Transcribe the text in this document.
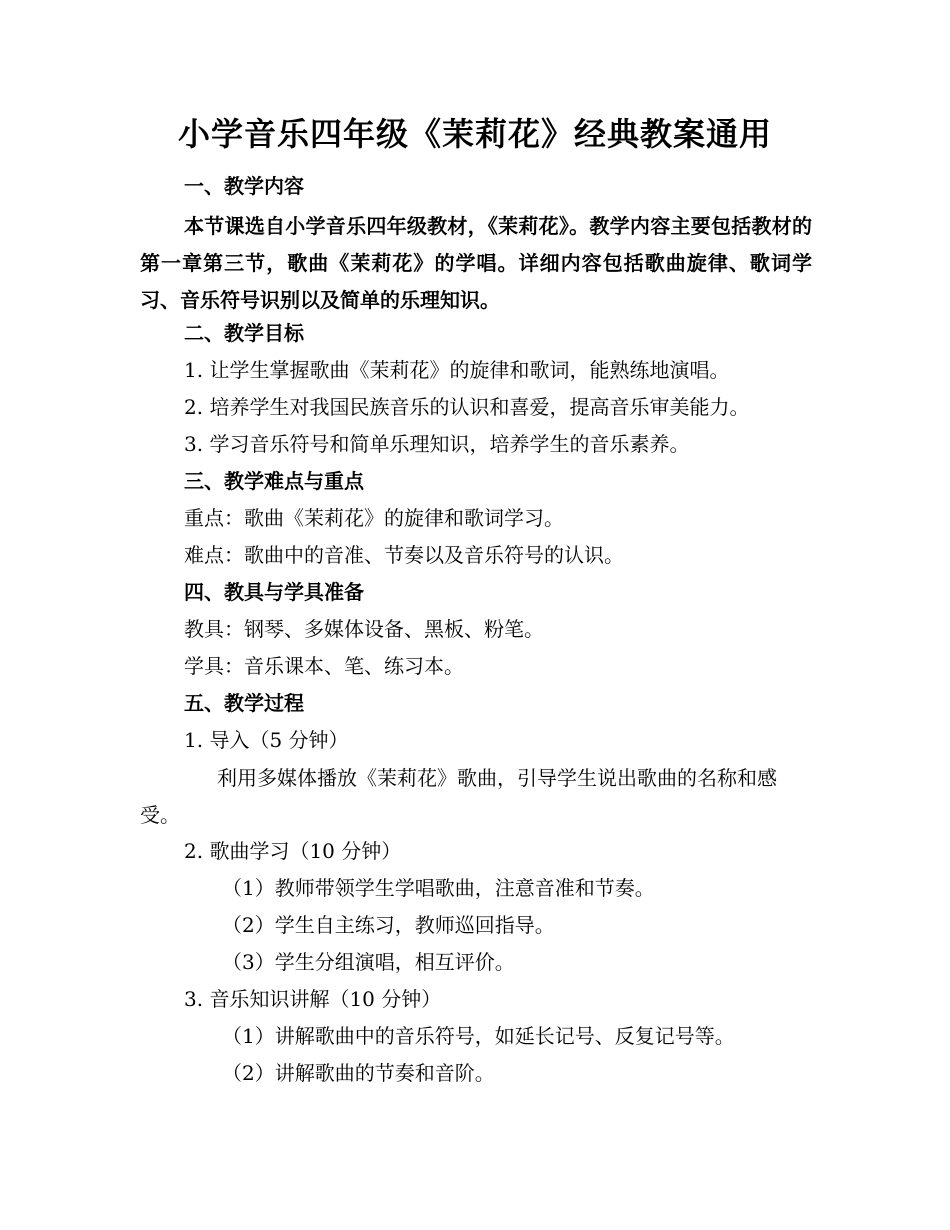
小学音乐四年级《茉莉花》经典教案通用
一、教学内容
本节课选自小学音乐四年级教材，《茉莉花》。教学内容主要包括教材的第一章第三节，歌曲《茉莉花》的学唱。详细内容包括歌曲旋律、歌词学习、音乐符号识别以及简单的乐理知识。
二、教学目标
1. 让学生掌握歌曲《茉莉花》的旋律和歌词，能熟练地演唱。
2. 培养学生对我国民族音乐的认识和喜爱，提高音乐审美能力。
3. 学习音乐符号和简单乐理知识，培养学生的音乐素养。
三、教学难点与重点
重点：歌曲《茉莉花》的旋律和歌词学习。
难点：歌曲中的音准、节奏以及音乐符号的认识。
四、教具与学具准备
教具：钢琴、多媒体设备、黑板、粉笔。
学具：音乐课本、笔、练习本。
五、教学过程
1. 导入（5 分钟）
利用多媒体播放《茉莉花》歌曲，引导学生说出歌曲的名称和感受。
2. 歌曲学习（10 分钟）
（1）教师带领学生学唱歌曲，注意音准和节奏。
（2）学生自主练习，教师巡回指导。
（3）学生分组演唱，相互评价。
3. 音乐知识讲解（10 分钟）
（1）讲解歌曲中的音乐符号，如延长记号、反复记号等。
（2）讲解歌曲的节奏和音阶。
